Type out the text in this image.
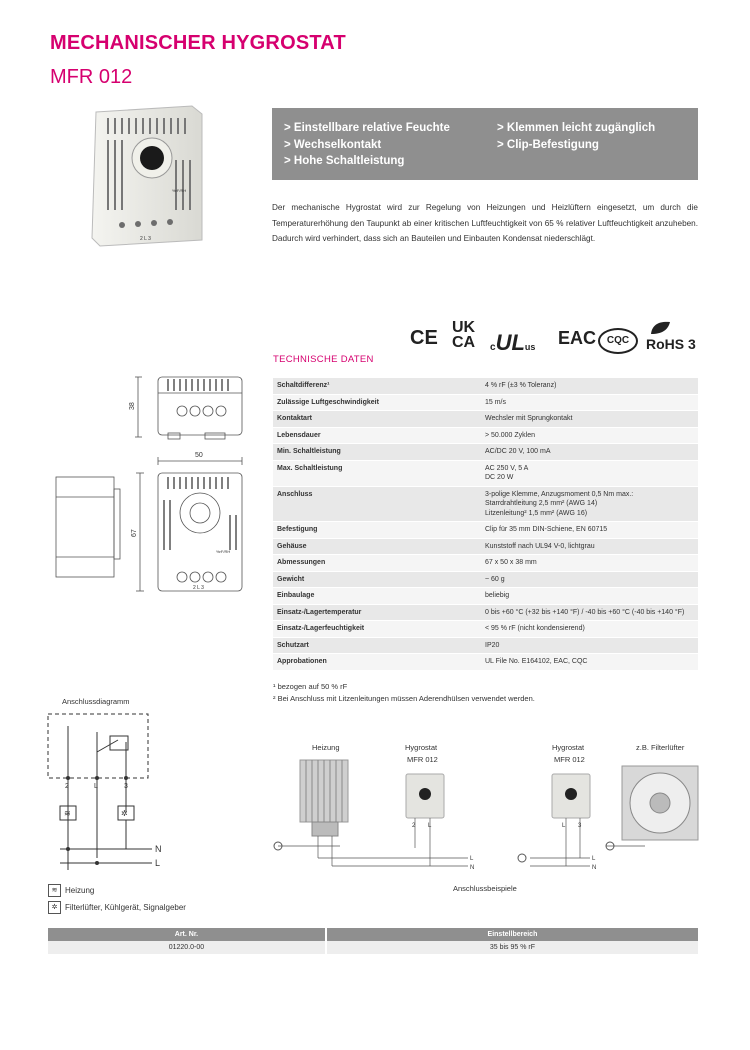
MECHANISCHER HYGROSTAT
MFR 012
%rF/RH
2 L 3
> Einstellbare relative Feuchte
> Wechselkontakt
> Hohe Schaltleistung
> Klemmen leicht zugänglich
> Clip-Befestigung
Der mechanische Hygrostat wird zur Regelung von Heizungen und Heizlüftern eingesetzt, um durch die Temperaturerhöhung den Taupunkt ab einer kritischen Luftfeuchtigkeit von 65 % relativer Luftfeuchtigkeit anzuheben. Dadurch wird verhindert, dass sich an Bauteilen und Einbauten Kondensat niederschlägt.
CE UK
CA cULus EAC	CQC	RoHS 3
TECHNISCHE DATEN
Schaltdifferenz¹	4 % rF (±3 % Toleranz)
Zulässige Luftgeschwindigkeit	15 m/s
Kontaktart	Wechsler mit Sprungkontakt
Lebensdauer	> 50.000 Zyklen
Min. Schaltleistung	AC/DC 20 V, 100 mA
Max. Schaltleistung	AC 250 V, 5 A
DC 20 W
Anschluss	3-polige Klemme, Anzugsmoment 0,5 Nm max.:
Starrdrahtleitung 2,5 mm² (AWG 14)
Litzenleitung² 1,5 mm² (AWG 16)
Befestigung	Clip für 35 mm DIN-Schiene, EN 60715
Gehäuse	Kunststoff nach UL94 V-0, lichtgrau
Abmessungen	67 x 50 x 38 mm
Gewicht	~ 60 g
Einbaulage	beliebig
Einsatz-/Lagertemperatur	0 bis +60 °C (+32 bis +140 °F) / -40 bis +60 °C (-40 bis +140 °F)
Einsatz-/Lagerfeuchtigkeit	< 95 % rF (nicht kondensierend)
Schutzart	IP20
Approbationen	UL File No. E164102, EAC, CQC
¹ bezogen auf 50 % rF
² Bei Anschluss mit Litzenleitungen müssen Aderendhülsen verwendet werden.
38
50
67
%rF/RH
2 L 3
Anschlussdiagramm
2	L	3
≋	✲
N
L
≋ Heizung
✲ Filterlüfter, Kühlgerät, Signalgeber
Heizung	Hygrostat
MFR 012
Hygrostat
MFR 012
z.B. Filterlüfter
2 L	L 3
L
N
L
N
Anschlussbeispiele
Art. Nr.	Einstellbereich
01220.0-00	35 bis 95 % rF
